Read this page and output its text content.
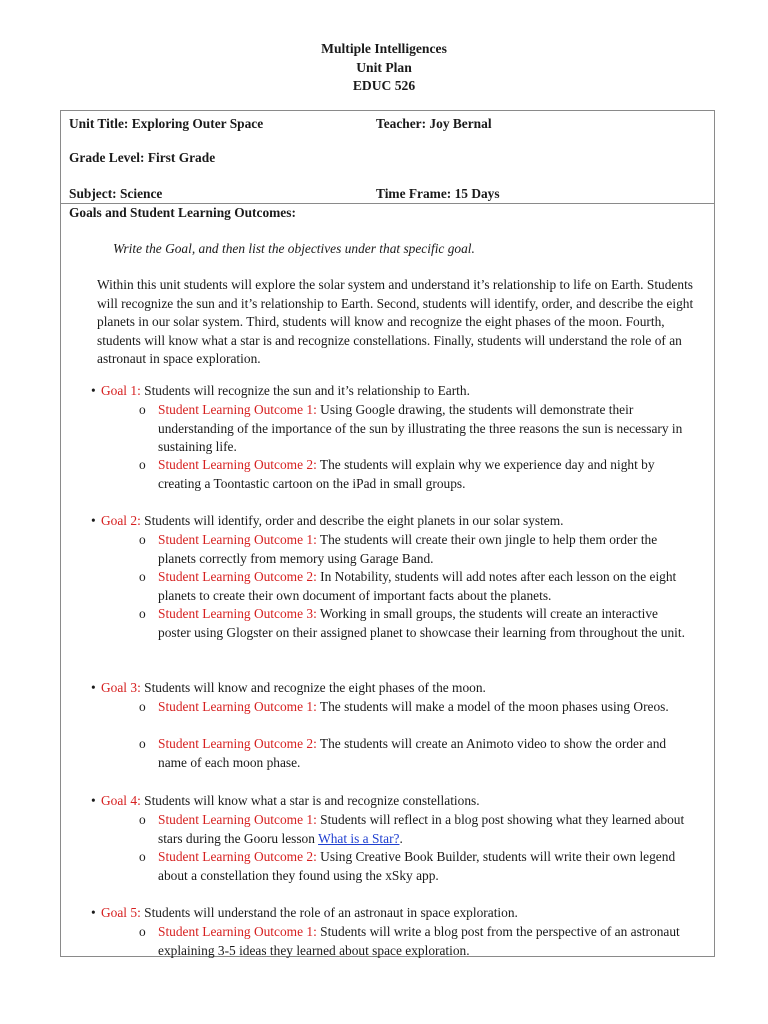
Multiple Intelligences
Unit Plan
EDUC 526
Unit Title: Exploring Outer Space	Teacher: Joy Bernal
Grade Level: First Grade
Subject: Science	Time Frame: 15 Days
Goals and Student Learning Outcomes:
Write the Goal, and then list the objectives under that specific goal.
Within this unit students will explore the solar system and understand it’s relationship to life on Earth. Students will recognize the sun and it’s relationship to Earth. Second, students will identify, order, and describe the eight planets in our solar system. Third, students will know and recognize the eight phases of the moon. Fourth, students will know what a star is and recognize constellations. Finally, students will understand the role of an astronaut in space exploration.
• Goal 1: Students will recognize the sun and it’s relationship to Earth.
o Student Learning Outcome 1: Using Google drawing, the students will demonstrate their understanding of the importance of the sun by illustrating the three reasons the sun is necessary in sustaining life.
o Student Learning Outcome 2: The students will explain why we experience day and night by creating a Toontastic cartoon on the iPad in small groups.
• Goal 2: Students will identify, order and describe the eight planets in our solar system.
o Student Learning Outcome 1: The students will create their own jingle to help them order the planets correctly from memory using Garage Band.
o Student Learning Outcome 2: In Notability, students will add notes after each lesson on the eight planets to create their own document of important facts about the planets.
o Student Learning Outcome 3: Working in small groups, the students will create an interactive poster using Glogster on their assigned planet to showcase their learning from throughout the unit.
• Goal 3: Students will know and recognize the eight phases of the moon.
o Student Learning Outcome 1: The students will make a model of the moon phases using Oreos.
o Student Learning Outcome 2: The students will create an Animoto video to show the order and name of each moon phase.
• Goal 4: Students will know what a star is and recognize constellations.
o Student Learning Outcome 1: Students will reflect in a blog post showing what they learned about stars during the Gooru lesson What is a Star?.
o Student Learning Outcome 2: Using Creative Book Builder, students will write their own legend about a constellation they found using the xSky app.
• Goal 5: Students will understand the role of an astronaut in space exploration.
o Student Learning Outcome 1: Students will write a blog post from the perspective of an astronaut explaining 3-5 ideas they learned about space exploration.
